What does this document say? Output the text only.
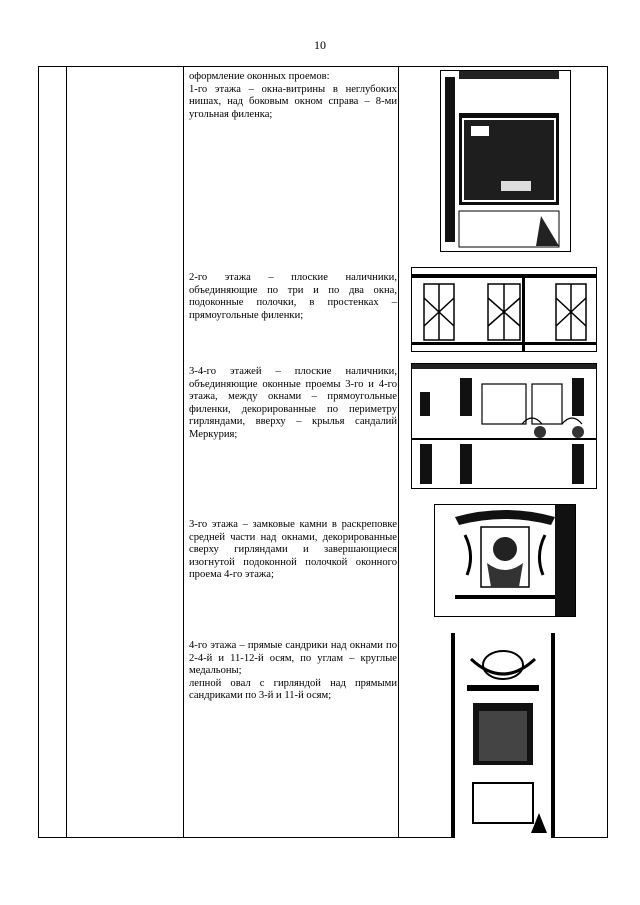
10

оформление оконных проемов:
1-го этажа – окна-витрины в неглубоких нишах, над боковым окном справа – 8-ми угольная филенка;

2-го этажа – плоские наличники, объединяющие по три и по два окна, подоконные полочки, в простенках – прямоугольные филенки;

3-4-го этажей – плоские наличники, объединяющие оконные проемы 3-го и 4-го этажа, между окнами – прямоугольные филенки, декорированные по периметру гирляндами, вверху – крылья сандалий Меркурия;

3-го этажа – замковые камни в раскреповке средней части над окнами, декорированные сверху гирляндами и завершающиеся изогнутой подоконной полочкой оконного проема 4-го этажа;

4-го этажа – прямые сандрики над окнами по 2-4-й и 11-12-й осям, по углам – круглые медальоны;
лепной овал с гирляндой над прямыми сандриками по 3-й и 11-й осям;
